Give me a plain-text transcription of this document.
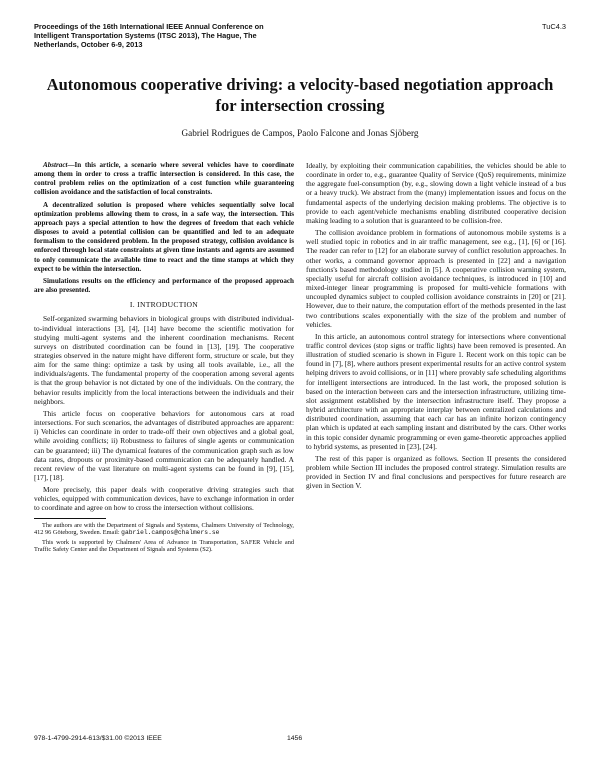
Proceedings of the 16th International IEEE Annual Conference on
Intelligent Transportation Systems (ITSC 2013), The Hague, The
Netherlands, October 6-9, 2013
TuC4.3
Autonomous cooperative driving: a velocity-based negotiation approach for intersection crossing
Gabriel Rodrigues de Campos, Paolo Falcone and Jonas Sjöberg

Abstract—In this article, a scenario where several vehicles have to coordinate among them in order to cross a traffic intersection is considered. In this case, the control problem relies on the optimization of a cost function while guaranteeing collision avoidance and the satisfaction of local constraints.

A decentralized solution is proposed where vehicles sequentially solve local optimization problems allowing them to cross, in a safe way, the intersection. This approach pays a special attention to how the degrees of freedom that each vehicle disposes to avoid a potential collision can be quantified and led to an adequate formalism to the considered problem. In the proposed strategy, collision avoidance is enforced through local state constraints at given time instants and agents are assumed to only communicate the available time to react and the time stamps at which they expect to be within the intersection.

Simulations results on the efficiency and performance of the proposed approach are also presented.

I. INTRODUCTION

Self-organized swarming behaviors in biological groups with distributed individual-to-individual interactions [3], [4], [14] have become the scientific motivation for studying multi-agent systems and the inherent coordination mechanisms. Recent surveys on distributed coordination can be found in [13], [19]. The cooperative strategies observed in the nature might have different form, structure or scale, but they aim for the same thing: optimize a task by using all tools available, i.e., all the individuals/agents. The fundamental property of the cooperation among several agents is that the group behavior is not dictated by one of the individuals. On the contrary, the behavior results implicitly from the local interactions between the individuals and their neighbors.

This article focus on cooperative behaviors for autonomous cars at road intersections. For such scenarios, the advantages of distributed approaches are apparent: i) Vehicles can coordinate in order to trade-off their own objectives and a global goal, while avoiding conflicts; ii) Robustness to failures of single agents or communication can be guaranteed; iii) The dynamical features of the communication graph such as low data rates, dropouts or proximity-based communication can be adequately handled. A recent review of the vast literature on multi-agent systems can be found in [9], [15], [17], [18].

More precisely, this paper deals with cooperative driving strategies such that vehicles, equipped with communication devices, have to exchange information in order to coordinate and agree on how to cross the intersection without collisions.

The authors are with the Department of Signals and Systems, Chalmers University of Technology, 412 96 Göteborg, Sweden. Email: gabriel.campos@chalmers.se

This work is supported by Chalmers' Area of Advance in Transportation, SAFER Vehicle and Traffic Safety Center and the Department of Signals and Systems (S2).

Ideally, by exploiting their communication capabilities, the vehicles should be able to coordinate in order to, e.g., guarantee Quality of Service (QoS) requirements, minimize the aggregate fuel-consumption (by, e.g., slowing down a light vehicle instead of a bus or a heavy truck). We abstract from the (many) implementation issues and focus on the fundamental aspects of the underlying decision making problems. The objective is to provide to each agent/vehicle mechanisms enabling distributed cooperative decision making leading to a solution that is guaranteed to be collision-free.

The collision avoidance problem in formations of autonomous mobile systems is a well studied topic in robotics and in air traffic management, see e.g., [1], [6] or [16]. The reader can refer to [12] for an elaborate survey of conflict resolution approaches. In other works, a command governor approach is presented in [22] and a navigation functions's based methodology studied in [5]. A cooperative collision warning system, specially useful for aircraft collision avoidance techniques, is introduced in [10] and mixed-integer linear programming is proposed for multi-vehicle formations with uncoupled dynamics subject to coupled collision avoidance constraints in [20] or [21]. However, due to their nature, the computation effort of the methods presented in the last two contributions scales exponentially with the size of the problem and number of vehicles.

In this article, an autonomous control strategy for intersections where conventional traffic control devices (stop signs or traffic lights) have been removed is presented. An illustration of studied scenario is shown in Figure 1. Recent work on this topic can be found in [7], [8], where authors present experimental results for an active control system helping drivers to avoid collisions, or in [11] where provably safe scheduling algorithms for intelligent intersections are introduced. In the last work, the proposed solution is based on the interaction between cars and the intersection infrastructure, utilizing time-slot assignment established by the intersection infrastructure itself. They propose a hybrid architecture with an appropriate interplay between centralized calculations and distributed coordination, assuming that each car has an infinite horizon contingency plan which is updated at each sampling instant and distributed by the cars. Other works in this topic consider dynamic programming or even game-theoretic approaches applied to hybrid systems, as presented in [23], [24].

The rest of this paper is organized as follows. Section II presents the considered problem while Section III includes the proposed control strategy. Simulation results are provided in Section IV and final conclusions and perspectives for future research are given in Section V.

978-1-4799-2914-613/$31.00 ©2013 IEEE	1456
